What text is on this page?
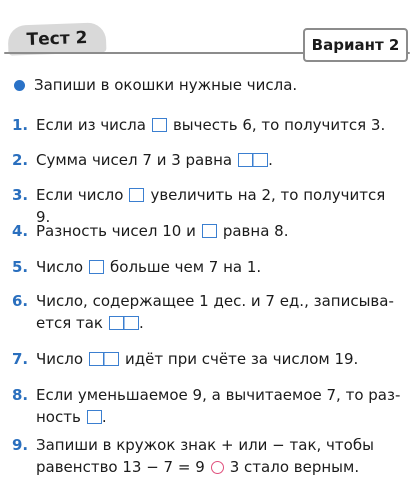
Тест 2	Вариант 2
Запиши в окошки нужные числа.
1. Если из числа вычесть 6, то получится 3.
2. Сумма чисел 7 и 3 равна .
3. Если число увеличить на 2, то получится 9.
4. Разность чисел 10 и равна 8.
5. Число больше чем 7 на 1.
6. Число, содержащее 1 дес. и 7 ед., записыва-
ется так .
7. Число	идёт при счёте за числом 19.
8. Если уменьшаемое 9, а вычитаемое 7, то раз-
ность .
9. Запиши в кружок знак + или − так, чтобы
равенство 13 − 7 = 9 3 стало верным.
